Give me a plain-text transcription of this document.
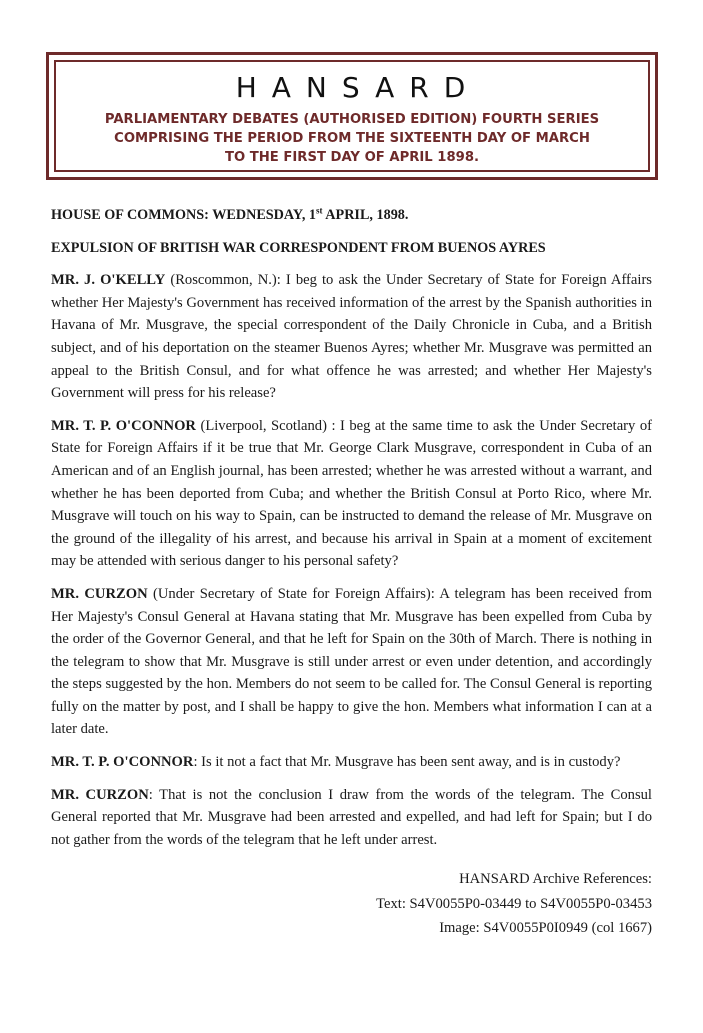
HANSARD
PARLIAMENTARY DEBATES (AUTHORISED EDITION) FOURTH SERIES
COMPRISING THE PERIOD FROM THE SIXTEENTH DAY OF MARCH
TO THE FIRST DAY OF APRIL 1898.

HOUSE OF COMMONS: WEDNESDAY, 1st APRIL, 1898.

EXPULSION OF BRITISH WAR CORRESPONDENT FROM BUENOS AYRES

MR. J. O'KELLY (Roscommon, N.): I beg to ask the Under Secretary of State for Foreign Affairs whether Her Majesty's Government has received information of the arrest by the Spanish authorities in Havana of Mr. Musgrave, the special correspondent of the Daily Chronicle in Cuba, and a British subject, and of his deportation on the steamer Buenos Ayres; whether Mr. Musgrave was permitted an appeal to the British Consul, and for what offence he was arrested; and whether Her Majesty's Government will press for his release?

MR. T. P. O'CONNOR (Liverpool, Scotland) : I beg at the same time to ask the Under Secretary of State for Foreign Affairs if it be true that Mr. George Clark Musgrave, correspondent in Cuba of an American and of an English journal, has been arrested; whether he was arrested without a warrant, and whether he has been deported from Cuba; and whether the British Consul at Porto Rico, where Mr. Musgrave will touch on his way to Spain, can be instructed to demand the release of Mr. Musgrave on the ground of the illegality of his arrest, and because his arrival in Spain at a moment of excitement may be attended with serious danger to his personal safety?

MR. CURZON (Under Secretary of State for Foreign Affairs): A telegram has been received from Her Majesty's Consul General at Havana stating that Mr. Musgrave has been expelled from Cuba by the order of the Governor General, and that he left for Spain on the 30th of March. There is nothing in the telegram to show that Mr. Musgrave is still under arrest or even under detention, and accordingly the steps suggested by the hon. Members do not seem to be called for. The Consul General is reporting fully on the matter by post, and I shall be happy to give the hon. Members what information I can at a later date.

MR. T. P. O'CONNOR: Is it not a fact that Mr. Musgrave has been sent away, and is in custody?

MR. CURZON: That is not the conclusion I draw from the words of the telegram. The Consul General reported that Mr. Musgrave had been arrested and expelled, and had left for Spain; but I do not gather from the words of the telegram that he left under arrest.

HANSARD Archive References:
Text: S4V0055P0-03449 to S4V0055P0-03453
Image: S4V0055P0I0949 (col 1667)
